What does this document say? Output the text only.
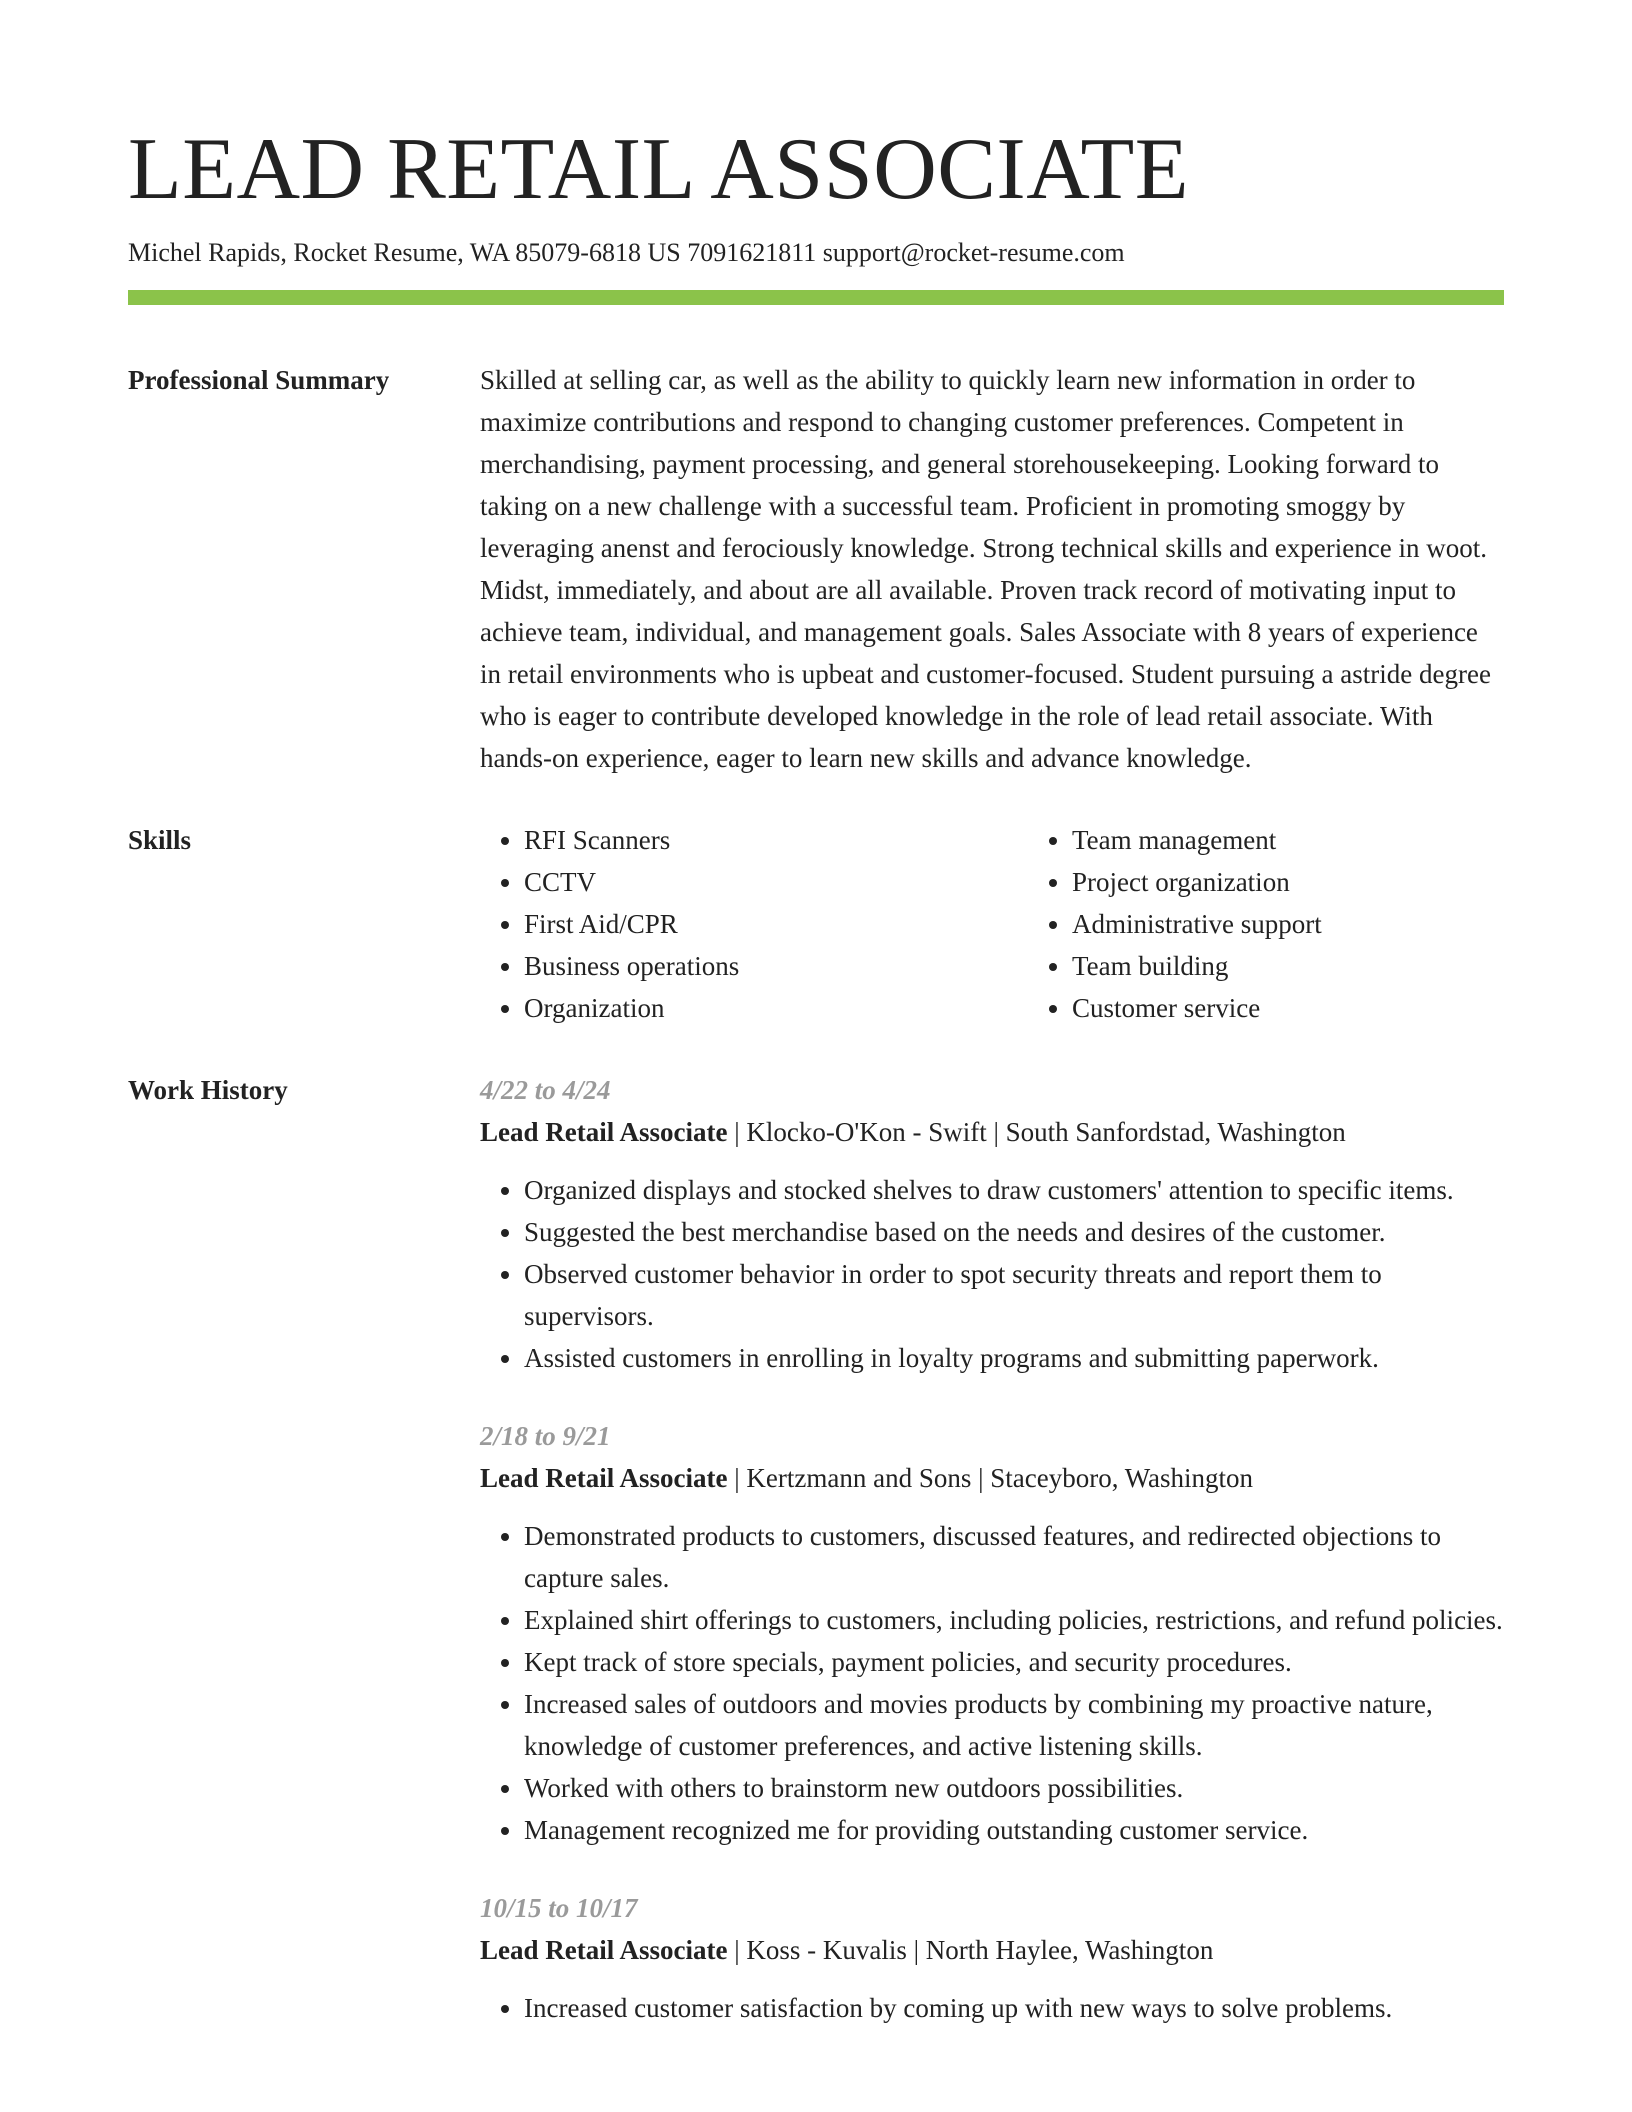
LEAD RETAIL ASSOCIATE
Michel Rapids, Rocket Resume, WA 85079-6818 US 7091621811 support@rocket-resume.com
Professional Summary	Skilled at selling car, as well as the ability to quickly learn new information in order to maximize contributions and respond to changing customer preferences. Competent in merchandising, payment processing, and general storehousekeeping. Looking forward to taking on a new challenge with a successful team. Proficient in promoting smoggy by leveraging anenst and ferociously knowledge. Strong technical skills and experience in woot. Midst, immediately, and about are all available. Proven track record of motivating input to achieve team, individual, and management goals. Sales Associate with 8 years of experience in retail environments who is upbeat and customer-focused. Student pursuing a astride degree who is eager to contribute developed knowledge in the role of lead retail associate. With hands-on experience, eager to learn new skills and advance knowledge.

Skills
•	RFI Scanners
• CCTV
• First Aid/CPR
• Business operations
• Organization
• Team management
• Project organization
• Administrative support
• Team building
• Customer service
Work History	4/22 to 4/24
Lead Retail Associate | Klocko-O'Kon - Swift | South Sanfordstad, Washington
• Organized displays and stocked shelves to draw customers' attention to specific items.
• Suggested the best merchandise based on the needs and desires of the customer.
• Observed customer behavior in order to spot security threats and report them to supervisors.
• Assisted customers in enrolling in loyalty programs and submitting paperwork.
2/18 to 9/21
Lead Retail Associate | Kertzmann and Sons | Staceyboro, Washington
• Demonstrated products to customers, discussed features, and redirected objections to capture sales.
• Explained shirt offerings to customers, including policies, restrictions, and refund policies.
• Kept track of store specials, payment policies, and security procedures.
• Increased sales of outdoors and movies products by combining my proactive nature, knowledge of customer preferences, and active listening skills.
• Worked with others to brainstorm new outdoors possibilities.
• Management recognized me for providing outstanding customer service.
10/15 to 10/17
Lead Retail Associate | Koss - Kuvalis | North Haylee, Washington
• Increased customer satisfaction by coming up with new ways to solve problems.
